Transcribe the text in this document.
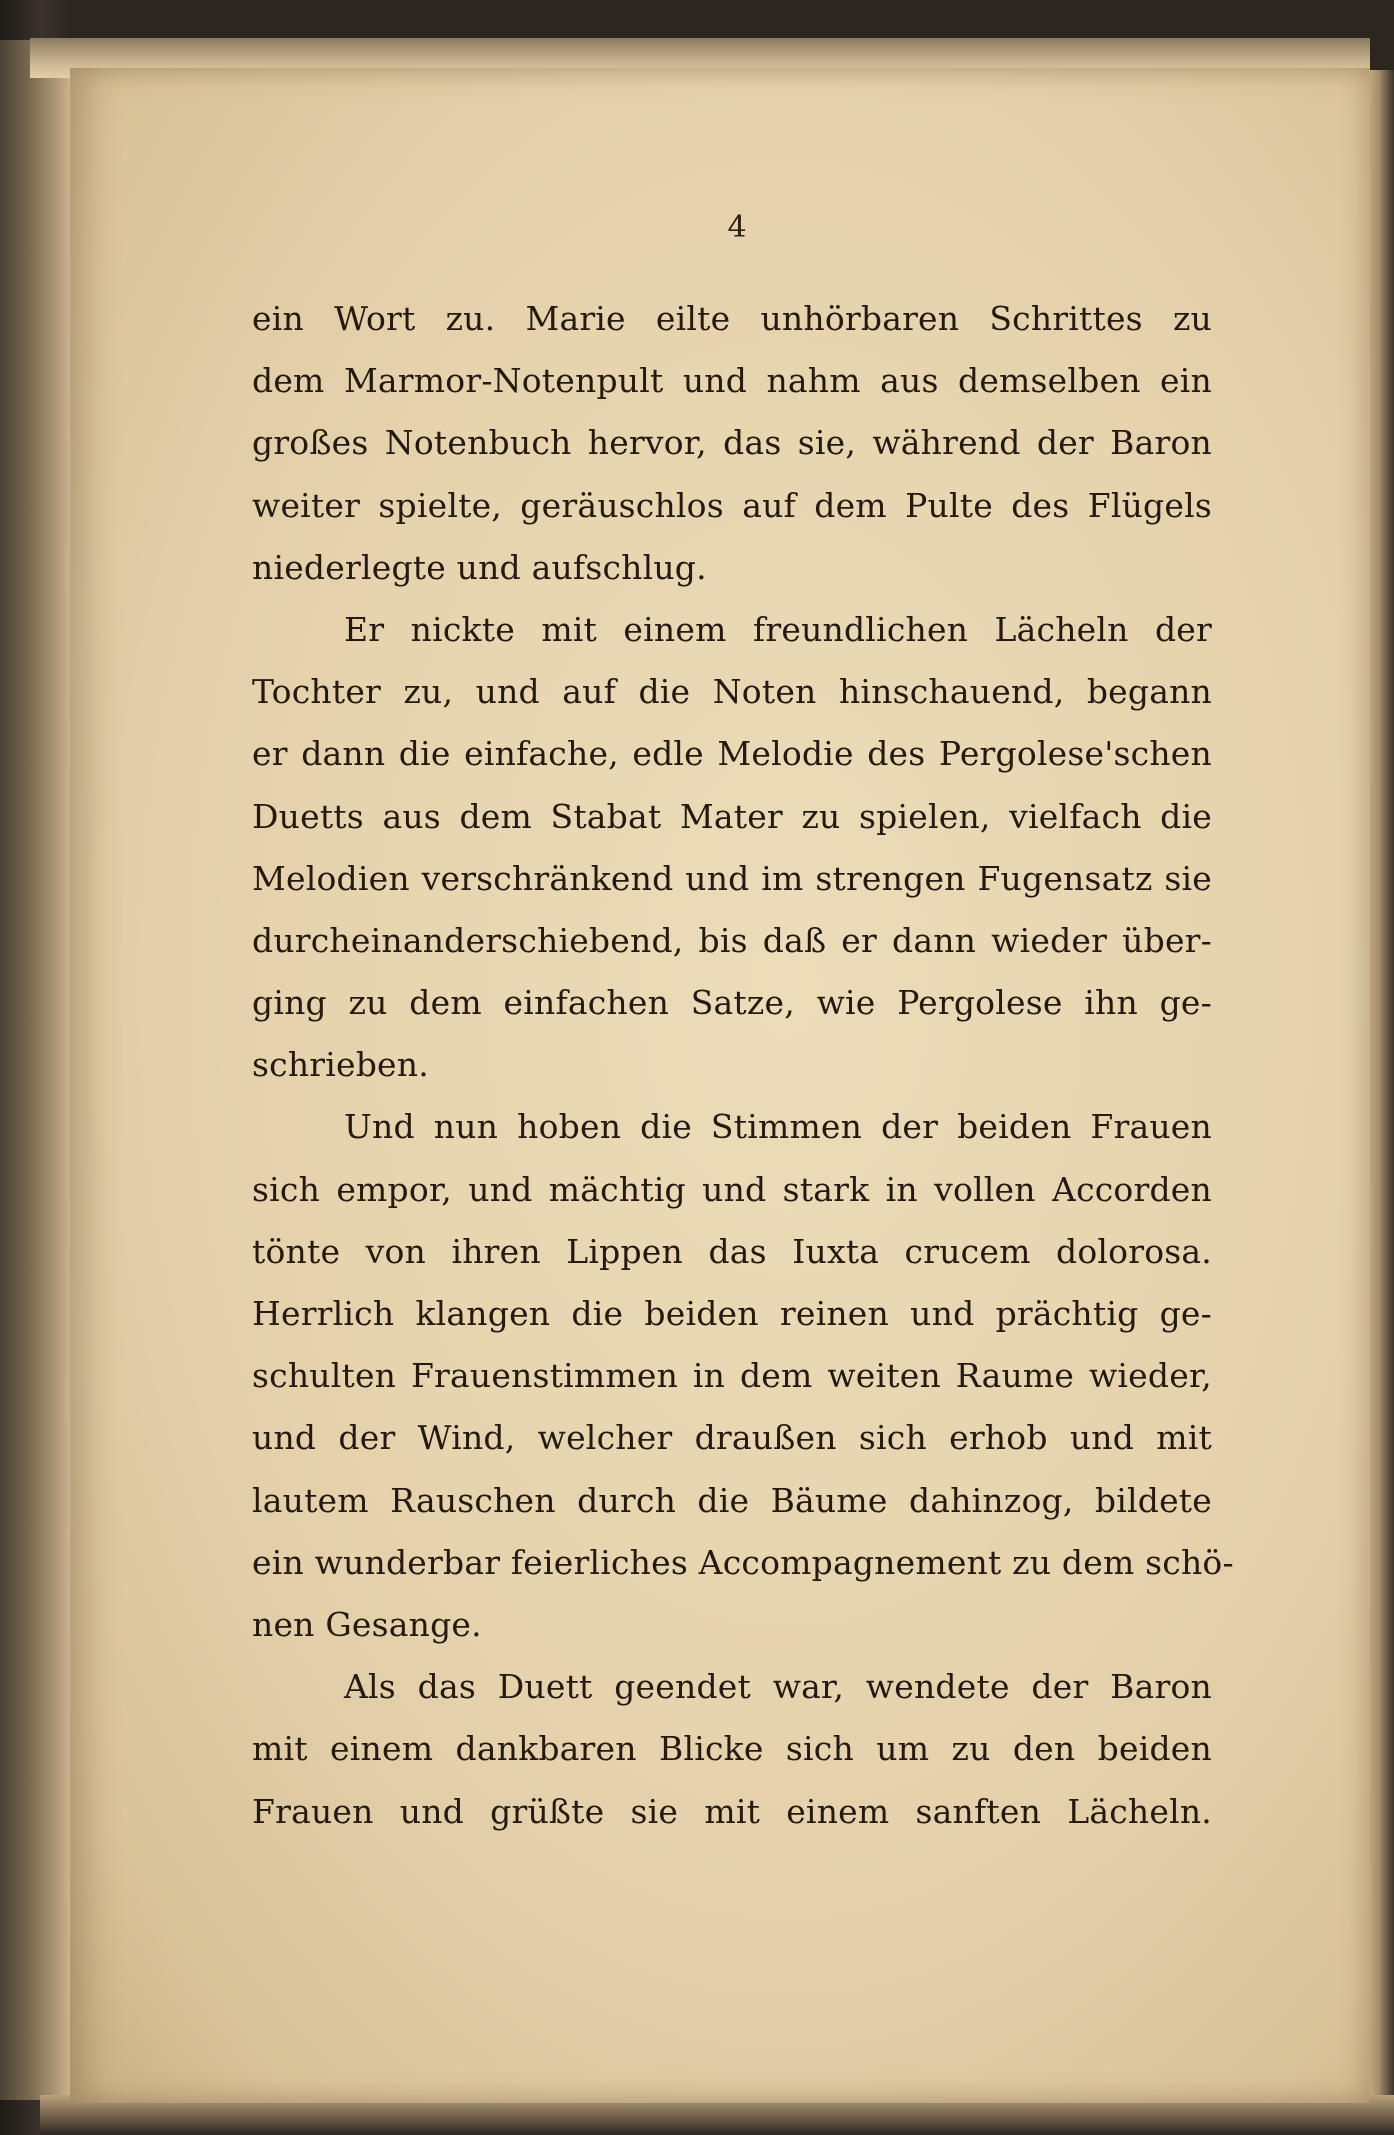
4
ein Wort zu. Marie eilte unhörbaren Schrittes zu
dem Marmor-Notenpult und nahm aus demselben ein
großes Notenbuch hervor, das sie, während der Baron
weiter spielte, geräuschlos auf dem Pulte des Flügels
niederlegte und aufschlug.
Er nickte mit einem freundlichen Lächeln der
Tochter zu, und auf die Noten hinschauend, begann
er dann die einfache, edle Melodie des Pergolese'schen
Duetts aus dem Stabat Mater zu spielen, vielfach die
Melodien verschränkend und im strengen Fugensatz sie
durcheinanderschiebend, bis daß er dann wieder über-
ging zu dem einfachen Satze, wie Pergolese ihn ge-
schrieben.
Und nun hoben die Stimmen der beiden Frauen
sich empor, und mächtig und stark in vollen Accorden
tönte von ihren Lippen das Iuxta crucem dolorosa.
Herrlich klangen die beiden reinen und prächtig ge-
schulten Frauenstimmen in dem weiten Raume wieder,
und der Wind, welcher draußen sich erhob und mit
lautem Rauschen durch die Bäume dahinzog, bildete
ein wunderbar feierliches Accompagnement zu dem schö-
nen Gesange.
Als das Duett geendet war, wendete der Baron
mit einem dankbaren Blicke sich um zu den beiden
Frauen und grüßte sie mit einem sanften Lächeln.
